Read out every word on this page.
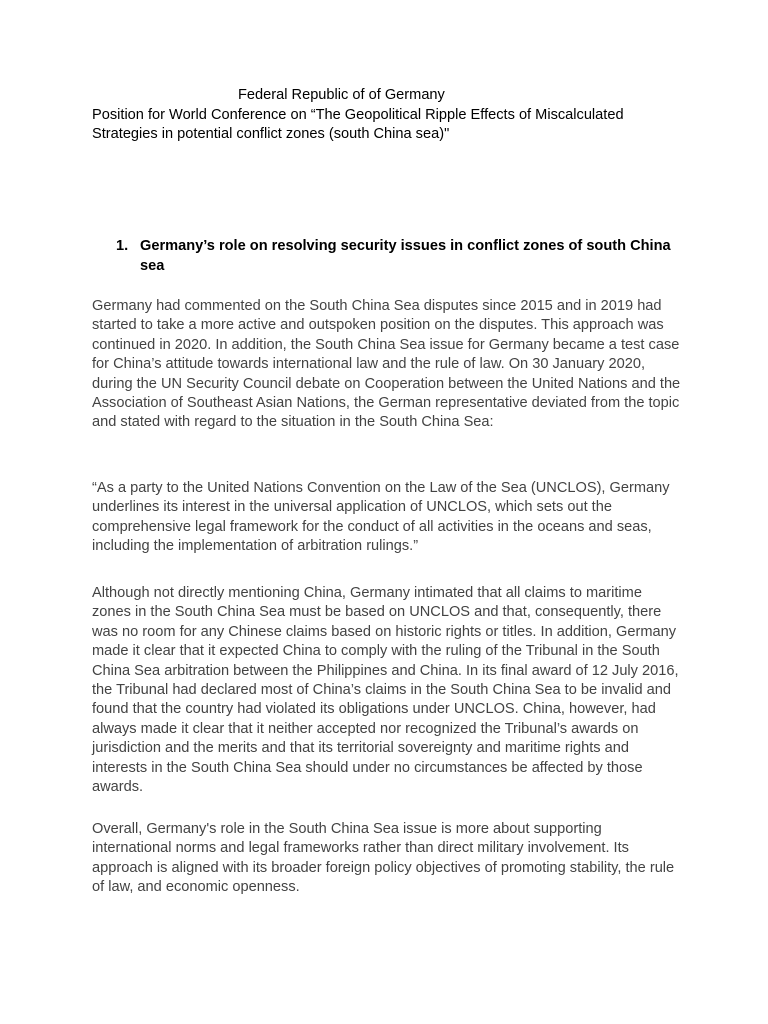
Federal Republic of of Germany
Position for World Conference on “The Geopolitical Ripple Effects of Miscalculated Strategies in potential conflict zones (south China sea)"
1. Germany’s role on resolving security issues in conflict zones of south China sea

Germany had commented on the South China Sea disputes since 2015 and in 2019 had started to take a more active and outspoken position on the disputes. This approach was continued in 2020. In addition, the South China Sea issue for Germany became a test case for China’s attitude towards international law and the rule of law. On 30 January 2020, during the UN Security Council debate on Cooperation between the United Nations and the Association of Southeast Asian Nations, the German representative deviated from the topic and stated with regard to the situation in the South China Sea:

“As a party to the United Nations Convention on the Law of the Sea (UNCLOS), Germany underlines its interest in the universal application of UNCLOS, which sets out the comprehensive legal framework for the conduct of all activities in the oceans and seas, including the implementation of arbitration rulings.”

Although not directly mentioning China, Germany intimated that all claims to maritime zones in the South China Sea must be based on UNCLOS and that, consequently, there was no room for any Chinese claims based on historic rights or titles. In addition, Germany made it clear that it expected China to comply with the ruling of the Tribunal in the South China Sea arbitration between the Philippines and China. In its final award of 12 July 2016, the Tribunal had declared most of China’s claims in the South China Sea to be invalid and found that the country had violated its obligations under UNCLOS. China, however, had always made it clear that it neither accepted nor recognized the Tribunal’s awards on jurisdiction and the merits and that its territorial sovereignty and maritime rights and interests in the South China Sea should under no circumstances be affected by those awards.

Overall, Germany's role in the South China Sea issue is more about supporting international norms and legal frameworks rather than direct military involvement. Its approach is aligned with its broader foreign policy objectives of promoting stability, the rule of law, and economic openness.
